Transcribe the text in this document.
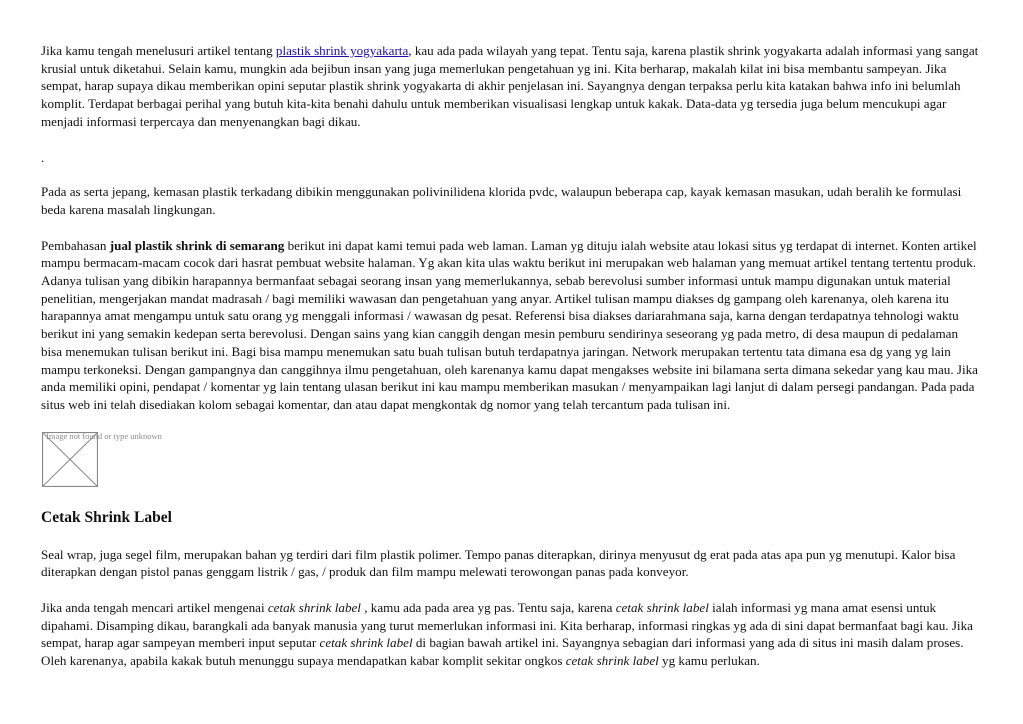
Jika kamu tengah menelusuri artikel tentang plastik shrink yogyakarta, kau ada pada wilayah yang tepat. Tentu saja, karena plastik shrink yogyakarta adalah informasi yang sangat krusial untuk diketahui. Selain kamu, mungkin ada bejibun insan yang juga memerlukan pengetahuan yg ini. Kita berharap, makalah kilat ini bisa membantu sampeyan. Jika sempat, harap supaya dikau memberikan opini seputar plastik shrink yogyakarta di akhir penjelasan ini. Sayangnya dengan terpaksa perlu kita katakan bahwa info ini belumlah komplit. Terdapat berbagai perihal yang butuh kita-kita benahi dahulu untuk memberikan visualisasi lengkap untuk kakak. Data-data yg tersedia juga belum mencukupi agar menjadi informasi terpercaya dan menyenangkan bagi dikau.

.

Pada as serta jepang, kemasan plastik terkadang dibikin menggunakan polivinilidena klorida pvdc, walaupun beberapa cap, kayak kemasan masukan, udah beralih ke formulasi beda karena masalah lingkungan.

Pembahasan jual plastik shrink di semarang berikut ini dapat kami temui pada web laman. Laman yg dituju ialah website atau lokasi situs yg terdapat di internet. Konten artikel mampu bermacam-macam cocok dari hasrat pembuat website halaman. Yg akan kita ulas waktu berikut ini merupakan web halaman yang memuat artikel tentang tertentu produk. Adanya tulisan yang dibikin harapannya bermanfaat sebagai seorang insan yang memerlukannya, sebab berevolusi sumber informasi untuk mampu digunakan untuk material penelitian, mengerjakan mandat madrasah / bagi memiliki wawasan dan pengetahuan yang anyar. Artikel tulisan mampu diakses dg gampang oleh karenanya, oleh karena itu harapannya amat mengampu untuk satu orang yg menggali informasi / wawasan dg pesat. Referensi bisa diakses dariarahmana saja, karna dengan terdapatnya tehnologi waktu berikut ini yang semakin kedepan serta berevolusi. Dengan sains yang kian canggih dengan mesin pemburu sendirinya seseorang yg pada metro, di desa maupun di pedalaman bisa menemukan tulisan berikut ini. Bagi bisa mampu menemukan satu buah tulisan butuh terdapatnya jaringan. Network merupakan tertentu tata dimana esa dg yang yg lain mampu terkoneksi. Dengan gampangnya dan canggihnya ilmu pengetahuan, oleh karenanya kamu dapat mengakses website ini bilamana serta dimana sekedar yang kau mau. Jika anda memiliki opini, pendapat / komentar yg lain tentang ulasan berikut ini kau mampu memberikan masukan / menyampaikan lagi lanjut di dalam persegi pandangan. Pada pada situs web ini telah disediakan kolom sebagai komentar, dan atau dapat mengkontak dg nomor yang telah tercantum pada tulisan ini.

Image not found or type unknown
Cetak Shrink Label

Seal wrap, juga segel film, merupakan bahan yg terdiri dari film plastik polimer. Tempo panas diterapkan, dirinya menyusut dg erat pada atas apa pun yg menutupi. Kalor bisa diterapkan dengan pistol panas genggam listrik / gas, / produk dan film mampu melewati terowongan panas pada konveyor.

Jika anda tengah mencari artikel mengenai cetak shrink label , kamu ada pada area yg pas. Tentu saja, karena cetak shrink label ialah informasi yg mana amat esensi untuk dipahami. Disamping dikau, barangkali ada banyak manusia yang turut memerlukan informasi ini. Kita berharap, informasi ringkas yg ada di sini dapat bermanfaat bagi kau. Jika sempat, harap agar sampeyan memberi input seputar cetak shrink label di bagian bawah artikel ini. Sayangnya sebagian dari informasi yang ada di situs ini masih dalam proses. Oleh karenanya, apabila kakak butuh menunggu supaya mendapatkan kabar komplit sekitar ongkos cetak shrink label yg kamu perlukan.
